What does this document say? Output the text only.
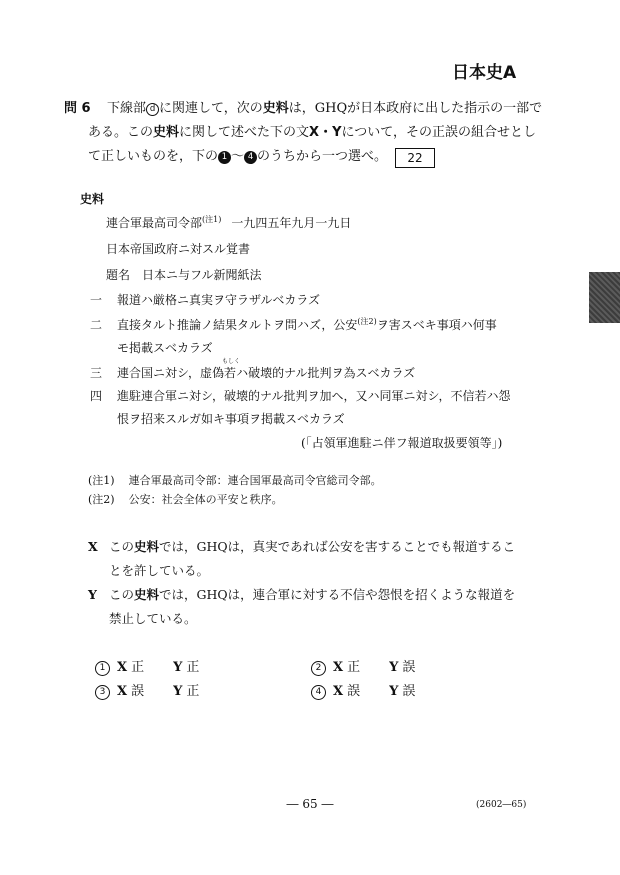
日本史A
問 6 下線部 d に関連して，次の史料は，GHQが日本政府に出した指示の一部で
ある。この史料に関して述べた下の文X・Yについて，その正誤の組合せとし
て正しいものを，下の 1 ～ 4 のうちから一つ選べ。 22
史料
連合軍最高司令部$^{(注1)}$ 一九四五年九月一九日
日本帝国政府ニ対スル覚書
題名　日本ニ与フル新聞紙法
一 報道ハ厳格ニ真実ヲ守ラザルベカラズ
二 直接タルト推論ノ結果タルトヲ問ハズ，公安$^{(注2)}$ヲ害スベキ事項ハ何事
モ掲載スベカラズ
三 連合国ニ対シ，虚偽
もしく
若ハ破壊的ナル批判ヲ為スベカラズ
四 進駐連合軍ニ対シ，破壊的ナル批判ヲ加ヘ，又ハ同軍ニ対シ，不信若ハ怨
恨ヲ招来スルガ如キ事項ヲ掲載スベカラズ
(「占領軍進駐ニ伴フ報道取扱要領等」)
(注1) 連合軍最高司令部：連合国軍最高司令官総司令部。
(注2) 公安：社会全体の平安と秩序。
X この史料では，GHQは，真実であれば公安を害することでも報道するこ
とを許している。
Y この史料では，GHQは，連合軍に対する不信や怨恨を招くような報道を
禁止している。
1 X 正 Y 正	2 X 正 Y 誤
3 X 誤 Y 正	4 X 誤 Y 誤
― 65 ―	(2602―65)
